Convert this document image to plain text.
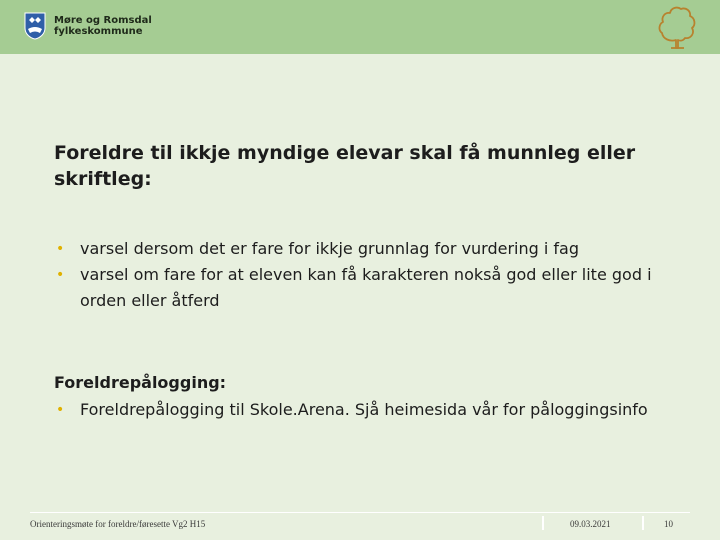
Møre og Romsdal
fylkeskommune
Foreldre til ikkje myndige elevar skal få munnleg eller skriftleg:
• varsel dersom det er fare for ikkje grunnlag for vurdering i fag
• varsel om fare for at eleven kan få karakteren nokså god eller lite god i orden eller åtferd
Foreldrepålogging:
• Foreldrepålogging til Skole.Arena. Sjå heimesida vår for påloggingsinfo
Orienteringsmøte for foreldre/føresette Vg2 H15	09.03.2021	10
